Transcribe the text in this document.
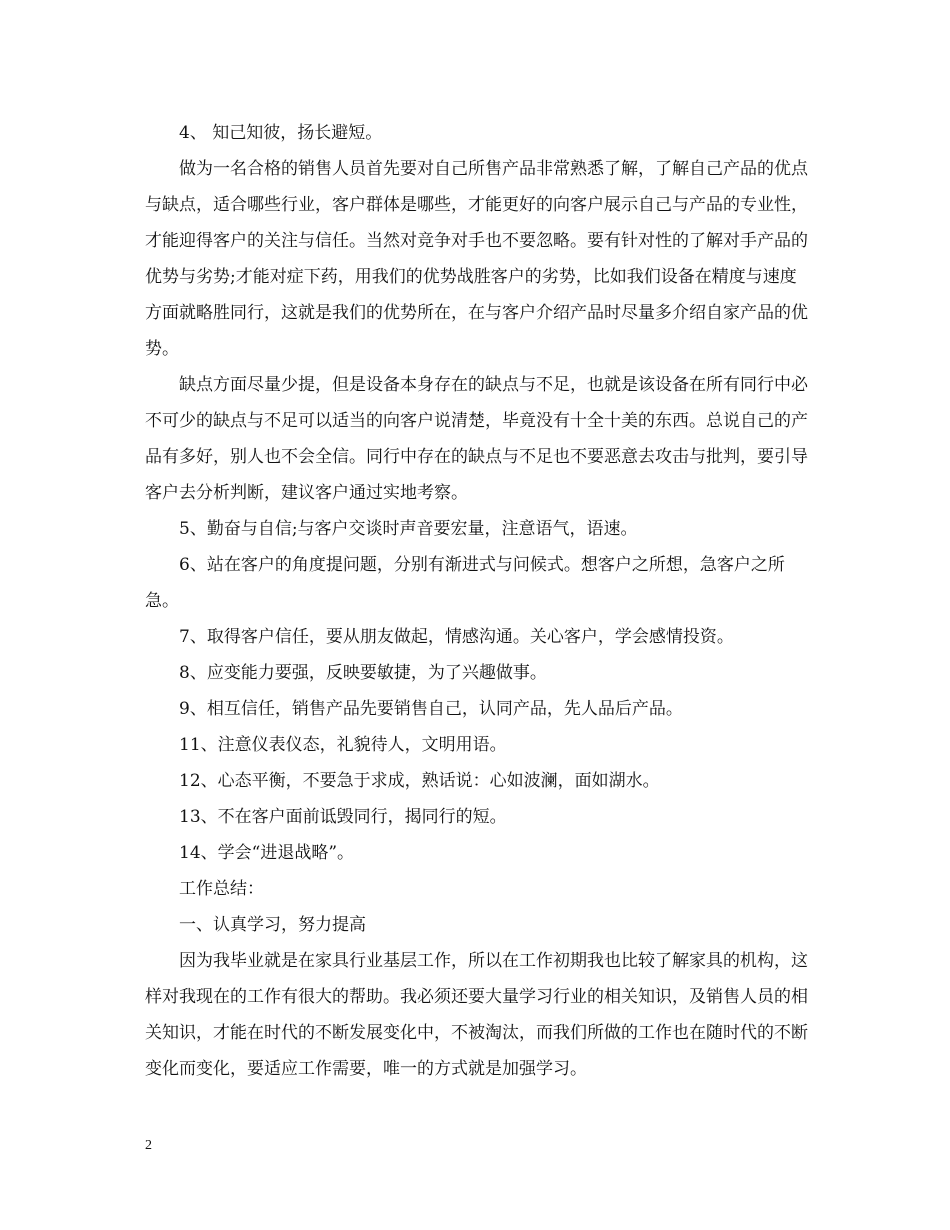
4、 知己知彼，扬长避短。

做为一名合格的销售人员首先要对自己所售产品非常熟悉了解，了解自己产品的优点与缺点，适合哪些行业，客户群体是哪些，才能更好的向客户展示自己与产品的专业性，才能迎得客户的关注与信任。当然对竞争对手也不要忽略。要有针对性的了解对手产品的优势与劣势;才能对症下药，用我们的优势战胜客户的劣势，比如我们设备在精度与速度方面就略胜同行，这就是我们的优势所在，在与客户介绍产品时尽量多介绍自家产品的优势。

缺点方面尽量少提，但是设备本身存在的缺点与不足，也就是该设备在所有同行中必不可少的缺点与不足可以适当的向客户说清楚，毕竟没有十全十美的东西。总说自己的产品有多好，别人也不会全信。同行中存在的缺点与不足也不要恶意去攻击与批判，要引导客户去分析判断，建议客户通过实地考察。

5、勤奋与自信;与客户交谈时声音要宏量，注意语气，语速。

6、站在客户的角度提问题，分别有渐进式与问候式。想客户之所想，急客户之所急。

7、取得客户信任，要从朋友做起，情感沟通。关心客户，学会感情投资。

8、应变能力要强，反映要敏捷，为了兴趣做事。

9、相互信任，销售产品先要销售自己，认同产品，先人品后产品。

11、注意仪表仪态，礼貌待人，文明用语。

12、心态平衡，不要急于求成，熟话说：心如波澜，面如湖水。

13、不在客户面前诋毁同行，揭同行的短。

14、学会“进退战略”。

工作总结：

一、认真学习，努力提高

因为我毕业就是在家具行业基层工作，所以在工作初期我也比较了解家具的机构，这样对我现在的工作有很大的帮助。我必须还要大量学习行业的相关知识，及销售人员的相关知识，才能在时代的不断发展变化中，不被淘汰，而我们所做的工作也在随时代的不断变化而变化，要适应工作需要，唯一的方式就是加强学习。

2
